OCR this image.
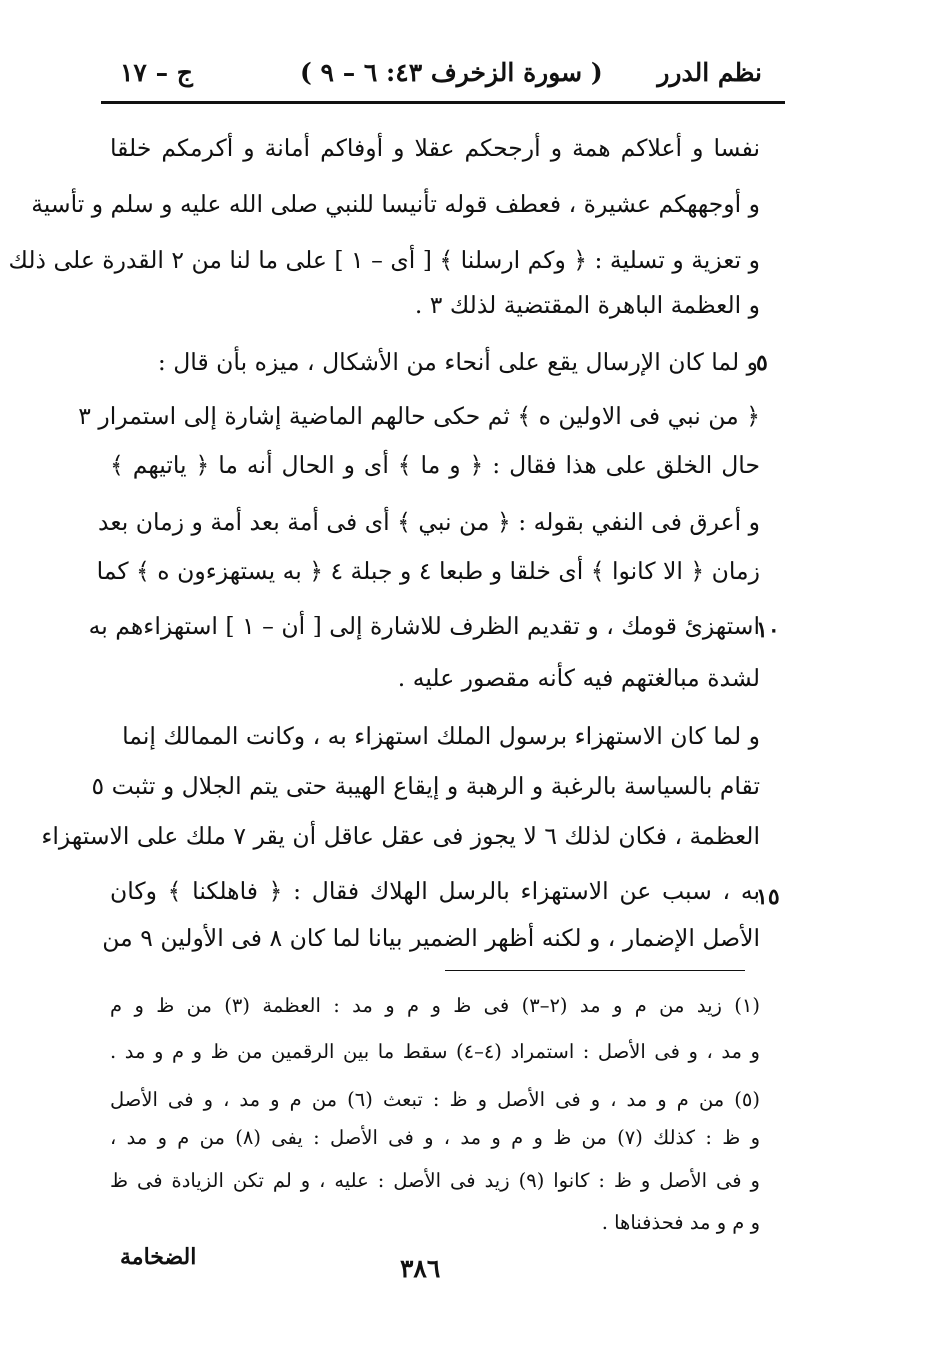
نظم الدرر
( سورة الزخرف ٤٣: ٦ – ٩ )
ج – ١٧
نفسا و أعلاكم همة و أرجحكم عقلا و أوفاكم أمانة و أكرمكم خلقا
و أوجههكم عشيرة ، فعطف قوله تأنيسا للنبي صلى الله عليه و سلم و تأسية
و تعزية و تسلية : ﴿ وكم ارسلنا ﴾ [ أى – ١ ] على ما لنا من ٢ القدرة على ذلك
و العظمة الباهرة المقتضية لذلك ٣ .
٥
و لما كان الإرسال يقع على أنحاء من الأشكال ، ميزه بأن قال :
﴿ من نبي فى الاولين ه ﴾ ثم حكى حالهم الماضية إشارة إلى استمرار ٣
حال الخلق على هذا فقال : ﴿ و ما ﴾ أى و الحال أنه ما ﴿ ياتيهم ﴾
و أعرق فى النفي بقوله : ﴿ من نبي ﴾ أى فى أمة بعد أمة و زمان بعد
زمان ﴿ الا كانوا ﴾ أى خلقا و طبعا ٤ و جبلة ٤ ﴿ به يستهزءون ه ﴾ كما
١٠
استهزئ قومك ، و تقديم الظرف للاشارة إلى [ أن – ١ ] استهزاءهم به
لشدة مبالغتهم فيه كأنه مقصور عليه .
و لما كان الاستهزاء برسول الملك استهزاء به ، وكانت الممالك إنما
تقام بالسياسة بالرغبة و الرهبة و إيقاع الهيبة حتى يتم الجلال و تثبت ٥
العظمة ، فكان لذلك ٦ لا يجوز فى عقل عاقل أن يقر ٧ ملك على الاستهزاء
١٥
به ، سبب عن الاستهزاء بالرسل الهلاك فقال : ﴿ فاهلكنا ﴾ وكان
الأصل الإضمار ، و لكنه أظهر الضمير بيانا لما كان ٨ فى الأولين ٩ من
(١) زيد من م و مد (٢–٣) فى ظ و م و مد : العظمة (٣) من ظ و م
و مد ، و فى الأصل : استمراد (٤–٤) سقط ما بين الرقمين من ظ و م و مد .
(٥) من م و مد ، و فى الأصل و ظ : تبعث (٦) من م و مد ، و فى الأصل
و ظ : كذلك (٧) من ظ و م و مد ، و فى الأصل : يفى (٨) من م و مد ،
و فى الأصل و ظ : كانوا (٩) زيد فى الأصل : عليه ، و لم تكن الزيادة فى ظ
و م و مد فحذفناها .
الضخامة	٣٨٦
